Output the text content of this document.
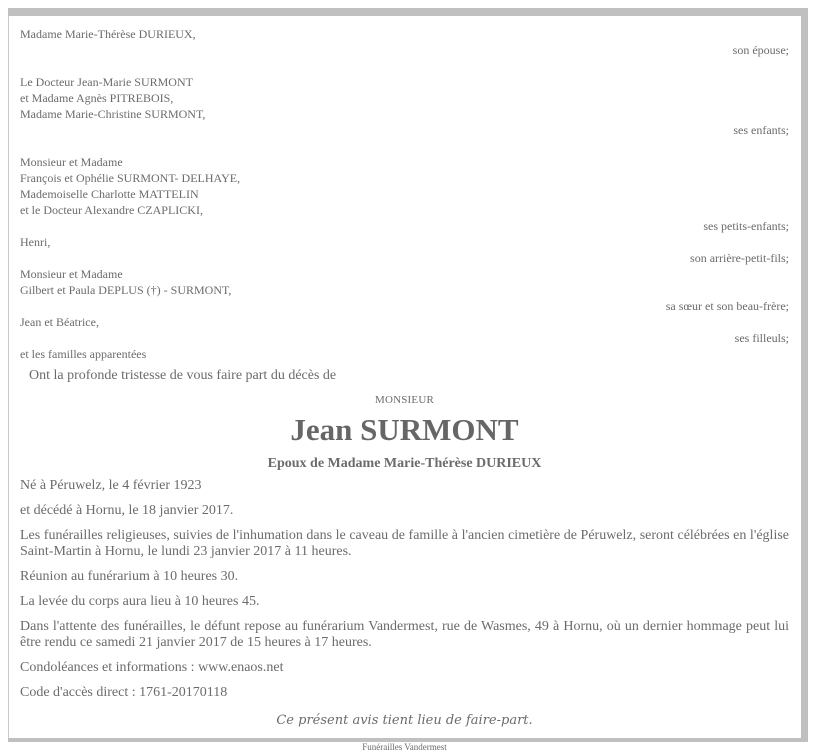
Madame Marie-Thérèse DURIEUX,
son épouse;
Le Docteur Jean-Marie SURMONT
et Madame Agnès PITREBOIS,
Madame Marie-Christine SURMONT,
ses enfants;
Monsieur et Madame
François et Ophélie SURMONT- DELHAYE,
Mademoiselle Charlotte MATTELIN
et le Docteur Alexandre CZAPLICKI,
ses petits-enfants;
Henri,
son arrière-petit-fils;
Monsieur et Madame
Gilbert et Paula DEPLUS (†) - SURMONT,
sa sœur et son beau-frère;
Jean et Béatrice,
ses filleuls;
et les familles apparentées
Ont la profonde tristesse de vous faire part du décès de
MONSIEUR
Jean SURMONT
Epoux de Madame Marie-Thérèse DURIEUX
Né à Péruwelz, le 4 février 1923
et décédé à Hornu, le 18 janvier 2017.
Les funérailles religieuses, suivies de l'inhumation dans le caveau de famille à l'ancien cimetière de Péruwelz, seront célébrées en l'église Saint-Martin à Hornu, le lundi 23 janvier 2017 à 11 heures.
Réunion au funérarium à 10 heures 30.
La levée du corps aura lieu à 10 heures 45.
Dans l'attente des funérailles, le défunt repose au funérarium Vandermest, rue de Wasmes, 49 à Hornu, où un dernier hommage peut lui être rendu ce samedi 21 janvier 2017 de 15 heures à 17 heures.
Condoléances et informations : www.enaos.net
Code d'accès direct : 1761-20170118
Ce présent avis tient lieu de faire-part.
Funérailles Vandermest
